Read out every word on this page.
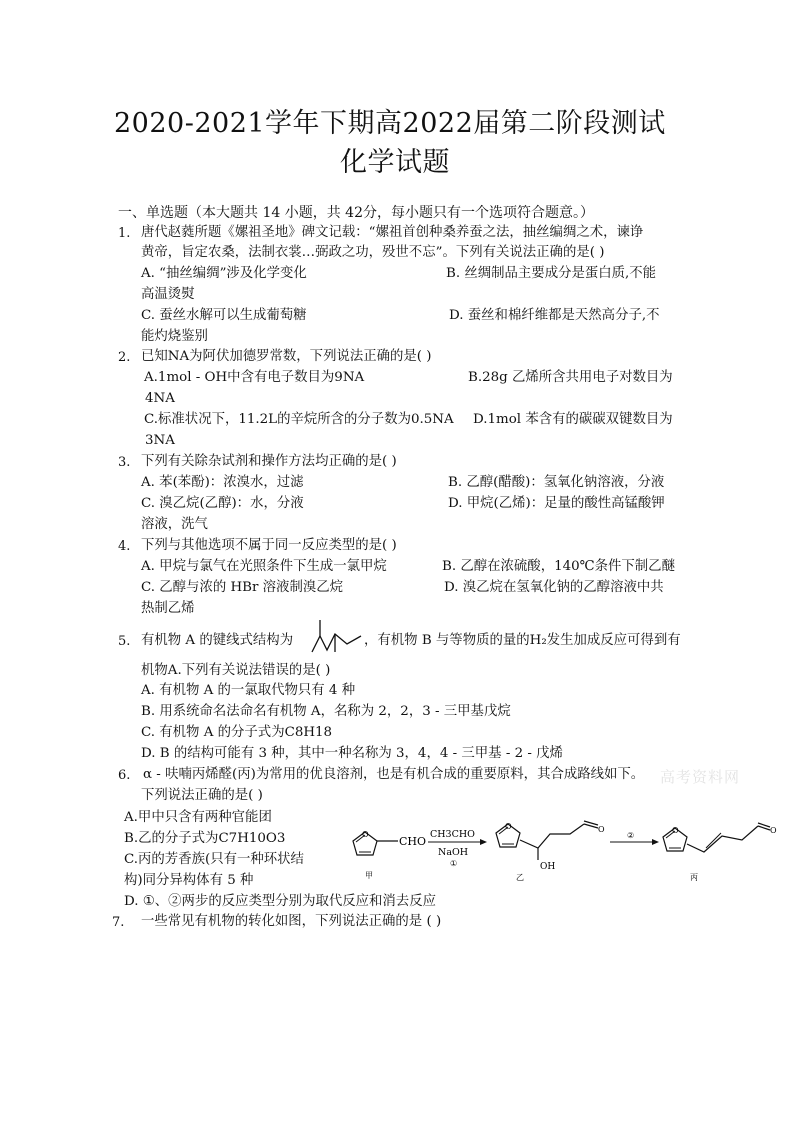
2020-2021学年下期高2022届第二阶段测试
化学试题
一、单选题（本大题共 14 小题，共 42分，每小题只有一个选项符合题意。）
1. 唐代赵蕤所题《嫘祖圣地》碑文记载：“嫘祖首创种桑养蚕之法，抽丝编绸之术，谏诤
黄帝，旨定农桑，法制衣裳…弼政之功，殁世不忘”。下列有关说法正确的是( )
A. “抽丝编绸”涉及化学变化	B. 丝绸制品主要成分是蛋白质,不能
高温烫熨
C. 蚕丝水解可以生成葡萄糖	D. 蚕丝和棉纤维都是天然高分子,不
能灼烧鉴别
2. 已知NA为阿伏加德罗常数，下列说法正确的是( )
A.1mol - OH中含有电子数目为9NA	B.28g 乙烯所含共用电子对数目为
4NA
C.标准状况下，11.2L的辛烷所含的分子数为0.5NA D.1mol 苯含有的碳碳双键数目为
3NA
3. 下列有关除杂试剂和操作方法均正确的是( )
A. 苯(苯酚)：浓溴水，过滤	B. 乙醇(醋酸)：氢氧化钠溶液，分液
C. 溴乙烷(乙醇)：水，分液	D. 甲烷(乙烯)：足量的酸性高锰酸钾
溶液，洗气
4. 下列与其他选项不属于同一反应类型的是( )
A. 甲烷与氯气在光照条件下生成一氯甲烷	B. 乙醇在浓硫酸，140℃条件下制乙醚
C. 乙醇与浓的 HBr 溶液制溴乙烷	D. 溴乙烷在氢氧化钠的乙醇溶液中共
热制乙烯
5. 有机物 A 的键线式结构为	，有机物 B 与等物质的量的H₂发生加成反应可得到有
机物A.下列有关说法错误的是( )
A. 有机物 A 的一氯取代物只有 4 种
B. 用系统命名法命名有机物 A，名称为 2，2，3 - 三甲基戊烷
C. 有机物 A 的分子式为C8H18
D. B 的结构可能有 3 种，其中一种名称为 3，4，4 - 三甲基 - 2 - 戊烯
6. α - 呋喃丙烯醛(丙)为常用的优良溶剂，也是有机合成的重要原料，其合成路线如下。 高考资料网
下列说法正确的是( )
A.甲中只含有两种官能团
B.乙的分子式为C7H10O3
C.丙的芳香族(只有一种环状结
构)同分异构体有 5 种
D. ①、②两步的反应类型分别为取代反应和消去反应
O
CHO
甲
CH3CHO
NaOH
①
O	O
OH
乙
②
O	O
丙
7. 一些常见有机物的转化如图，下列说法正确的是 ( )
